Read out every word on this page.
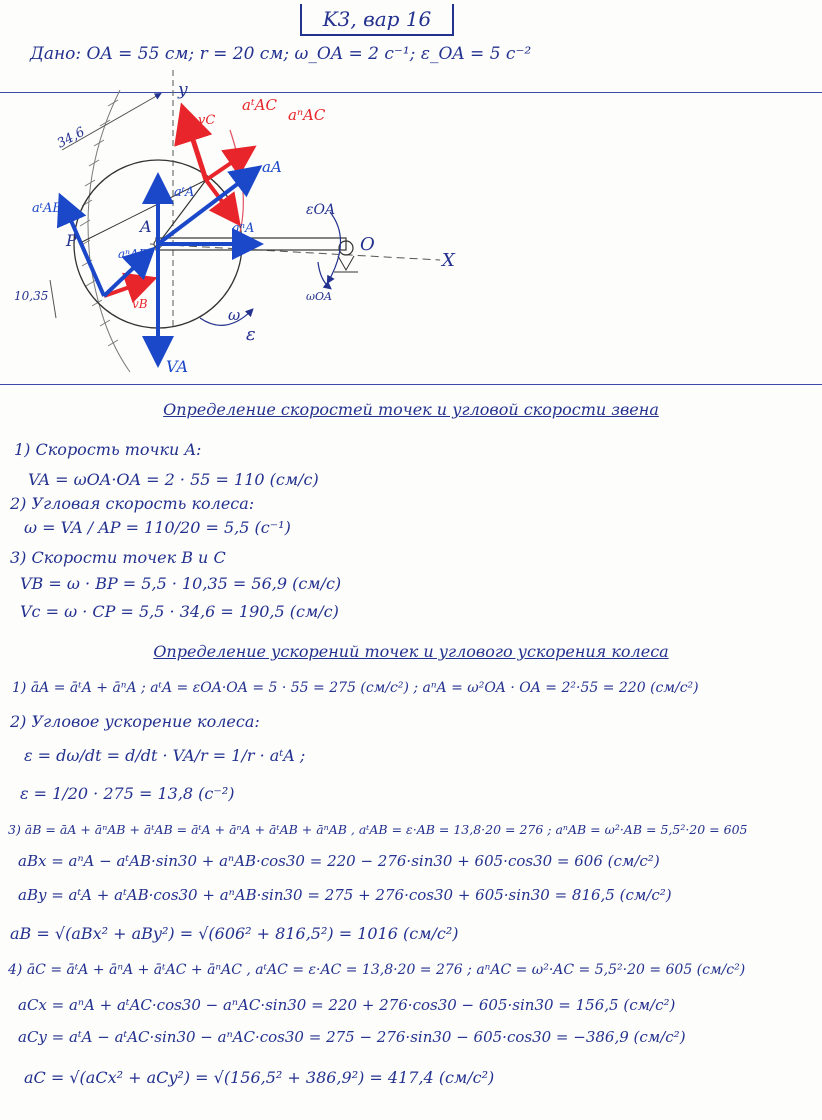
K3, вар 16
Дано: OA = 55 см; r = 20 см; ω_OA = 2 c⁻¹; ε_OA = 5 c⁻²
y
X
O
A
P
εOA
ωOA
ω
ε
34,6
10,35
vC
aᵗAC
aⁿAC
vB
VA
aA
aᵗA
aⁿA
aᵗAB
aⁿAB
Определение скоростей точек и угловой скорости звена
1) Скорость точки A:
VA = ωOA·OA = 2 · 55 = 110 (см/с)
2) Угловая скорость колеса:
ω = VA / AP = 110/20 = 5,5 (c⁻¹)
3) Скорости точек B и C
VB = ω · BP = 5,5 · 10,35 = 56,9 (см/с)
Vc = ω · CP = 5,5 · 34,6 = 190,5 (см/с)
Определение ускорений точек и углового ускорения колеса
1) āA = āᵗA + āⁿA ; aᵗA = εOA·OA = 5 · 55 = 275 (см/с²) ; aⁿA = ω²OA · OA = 2²·55 = 220 (см/с²)
2) Угловое ускорение колеса:
ε = dω/dt = d/dt · VA/r = 1/r · aᵗA ;
ε = 1/20 · 275 = 13,8 (c⁻²)
3) āB = āA + āⁿAB + āᵗAB = āᵗA + āⁿA + āᵗAB + āⁿAB , aᵗAB = ε·AB = 13,8·20 = 276 ; aⁿAB = ω²·AB = 5,5²·20 = 605
aBx = aⁿA − aᵗAB·sin30 + aⁿAB·cos30 = 220 − 276·sin30 + 605·cos30 = 606 (см/с²)
aBy = aᵗA + aᵗAB·cos30 + aⁿAB·sin30 = 275 + 276·cos30 + 605·sin30 = 816,5 (см/с²)
aB = √(aBx² + aBy²) = √(606² + 816,5²) = 1016 (см/с²)
4) āC = āᵗA + āⁿA + āᵗAC + āⁿAC , aᵗAC = ε·AC = 13,8·20 = 276 ; aⁿAC = ω²·AC = 5,5²·20 = 605 (см/с²)
aCx = aⁿA + aᵗAC·cos30 − aⁿAC·sin30 = 220 + 276·cos30 − 605·sin30 = 156,5 (см/с²)
aCy = aᵗA − aᵗAC·sin30 − aⁿAC·cos30 = 275 − 276·sin30 − 605·cos30 = −386,9 (см/с²)
aC = √(aCx² + aCy²) = √(156,5² + 386,9²) = 417,4 (см/с²)
